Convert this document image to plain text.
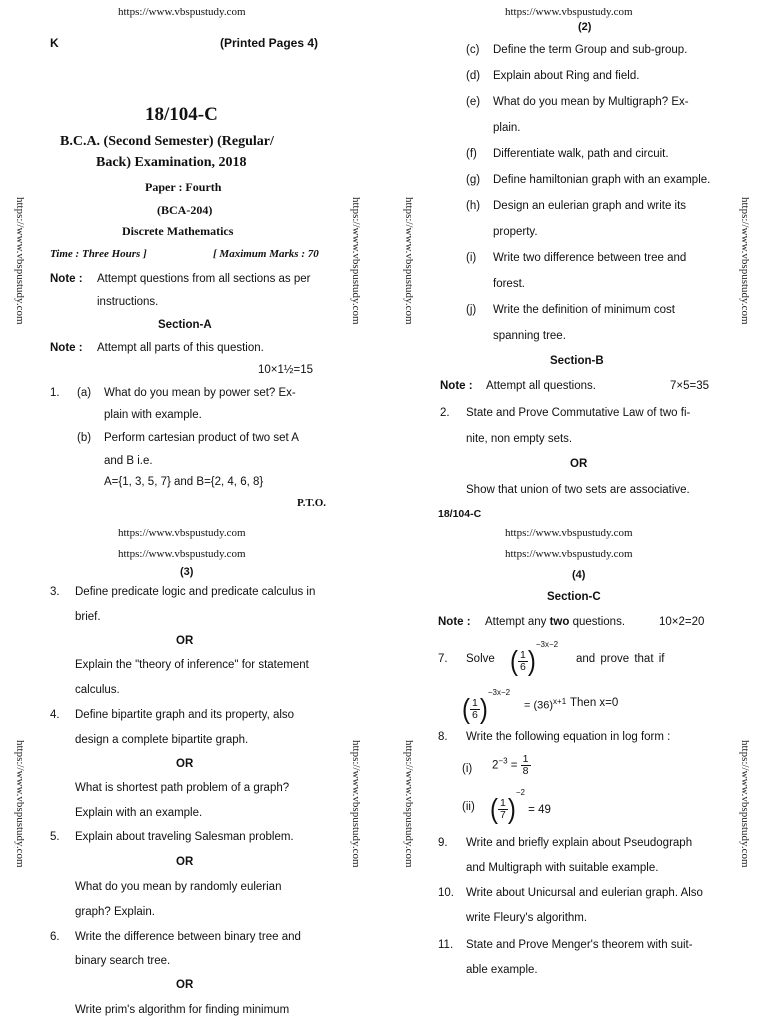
https://www.vbspustudy.com
K	(Printed Pages 4)
18/104-C
B.C.A. (Second Semester) (Regular/
Back) Examination, 2018
Paper : Fourth
(BCA-204)
Discrete Mathematics
Time : Three Hours ]	[ Maximum Marks : 70
Note : Attempt questions from all sections as per
instructions.
Section-A
Note : Attempt all parts of this question.
10×1½=15
1. (a) What do you mean by power set? Ex-
plain with example.
(b) Perform cartesian product of two set A
and B i.e.
A={1, 3, 5, 7} and B={2, 4, 6, 8}
P.T.O.
https://www.vbspustudy.com
(2)
(c) Define the term Group and sub-group.
(d) Explain about Ring and field.
(e) What do you mean by Multigraph? Ex-
plain.
(f) Differentiate walk, path and circuit.
(g) Define hamiltonian graph with an example.
(h) Design an eulerian graph and write its
property.
(i) Write two difference between tree and
forest.
(j) Write the definition of minimum cost
spanning tree.
Section-B
Note : Attempt all questions.	7×5=35
2. State and Prove Commutative Law of two fi-
nite, non empty sets.
OR
Show that union of two sets are associative.
18/104-C
https://www.vbspustudy.com
https://www.vbspustudy.com
(3)
3. Define predicate logic and predicate calculus in
brief.
OR
Explain the "theory of inference" for statement
calculus.
4. Define bipartite graph and its property, also
design a complete bipartite graph.
OR
What is shortest path problem of a graph?
Explain with an example.
5. Explain about traveling Salesman problem.
OR
What do you mean by randomly eulerian
graph? Explain.
6. Write the difference between binary tree and
binary search tree.
OR
Write prim's algorithm for finding minimum
https://www.vbspustudy.com
https://www.vbspustudy.com
(4)
Section-C
Note : Attempt any two questions.	10×2=20
7. Solve ( $\frac{1}{6}$ )
$^{-3x-2}$
and prove that if
( $\frac{1}{6}$ )
$^{-3x-2}$
= $(36)^{x+1}$ Then x=0
8. Write the following equation in log form :
(i) $2^{-3} = \frac{1}{8}$
(ii) ( $\frac{1}{7}$ )
$^{-2}$ = 49
9. Write and briefly explain about Pseudograph
and Multigraph with suitable example.
10. Write about Unicursal and eulerian graph. Also
write Fleury's algorithm.
11. State and Prove Menger's theorem with suit-
able example.
https://www.vbspustudy.com	https://www.vbspustudy.com	https://www.vbspustudy.com	https://www.vbspustudy.com
https://www.vbspustudy.com	https://www.vbspustudy.com	https://www.vbspustudy.com	https://www.vbspustudy.com
